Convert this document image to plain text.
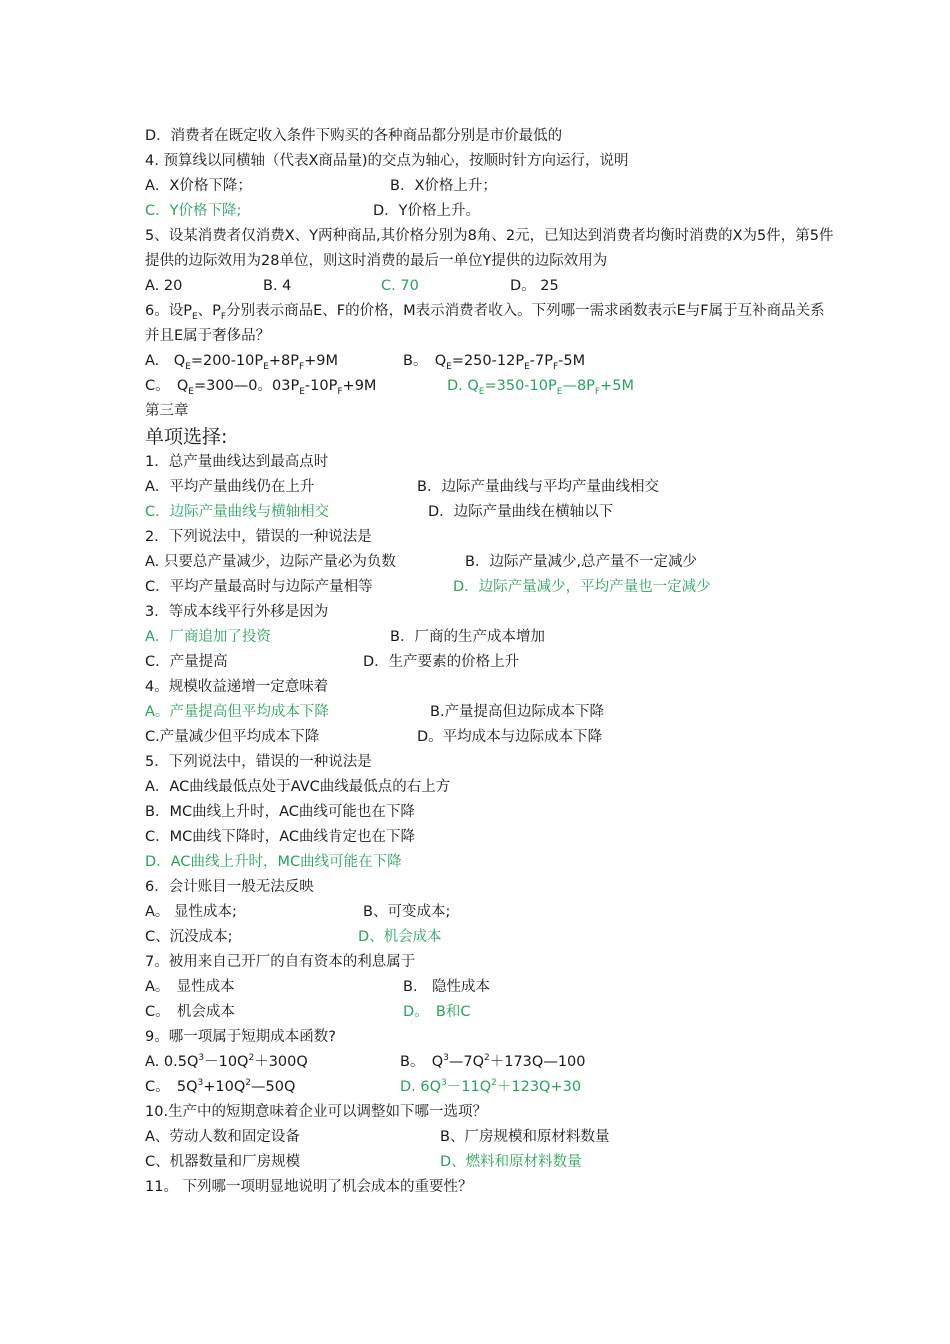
D．消费者在既定收入条件下购买的各种商品都分别是市价最低的
4. 预算线以同横轴（代表X商品量)的交点为轴心，按顺时针方向运行，说明
A．X价格下降；	B．X价格上升；
C．Y价格下降;	D．Y价格上升。
5、设某消费者仅消费X、Y两种商品,其价格分别为8角、2元，已知达到消费者均衡时消费的X为5件，第5件提供的边际效用为28单位，则这时消费的最后一单位Y提供的边际效用为
A. 20	B. 4	C. 70	D。 25
6。设$P_E$、$P_F$分别表示商品E、F的价格，M表示消费者收入。下列哪一需求函数表示E与F属于互补商品关系并且E属于奢侈品？
A.　$Q_E=200-10P_E+8P_F+9M$	B。　$Q_E=250-12P_E-7P_F-5M$
C。　$Q_E=300—0$。$03P_E-10P_F+9M$	D. $Q_E=350-10P_E—8P_F+5M$
第三章
单项选择:
1．总产量曲线达到最高点时
A．平均产量曲线仍在上升	B．边际产量曲线与平均产量曲线相交
C．边际产量曲线与横轴相交	D．边际产量曲线在横轴以下
2．下列说法中，错误的一种说法是
A. 只要总产量减少，边际产量必为负数	B．边际产量减少,总产量不一定减少
C．平均产量最高时与边际产量相等	D．边际产量减少，平均产量也一定减少
3．等成本线平行外移是因为
A．厂商追加了投资	B．厂商的生产成本增加
C．产量提高	D．生产要素的价格上升
4。规模收益递增一定意味着
A。产量提高但平均成本下降	B.产量提高但边际成本下降
C.产量减少但平均成本下降	D。平均成本与边际成本下降
5．下列说法中，错误的一种说法是
A．AC曲线最低点处于AVC曲线最低点的右上方
B．MC曲线上升时，AC曲线可能也在下降
C．MC曲线下降时，AC曲线肯定也在下降
D．AC曲线上升时，MC曲线可能在下降
6．会计账目一般无法反映
A。 显性成本;	B、可变成本;
C、沉没成本;	D、机会成本
7。被用来自己开厂的自有资本的利息属于
A。　显性成本	B.　隐性成本
C。　机会成本	D。　B和C
9。哪一项属于短期成本函数?
A. $0.5Q^3-10Q^2+300Q$	B。　$Q^3—7Q^2+173Q—100$
C。　$5Q^3+10Q^2—50Q$	D. $6Q^3-11Q^2+123Q+30$
10.生产中的短期意味着企业可以调整如下哪一选项？
A、劳动人数和固定设备	B、厂房规模和原材料数量
C、机器数量和厂房规模	D、燃料和原材料数量
11。 下列哪一项明显地说明了机会成本的重要性？
